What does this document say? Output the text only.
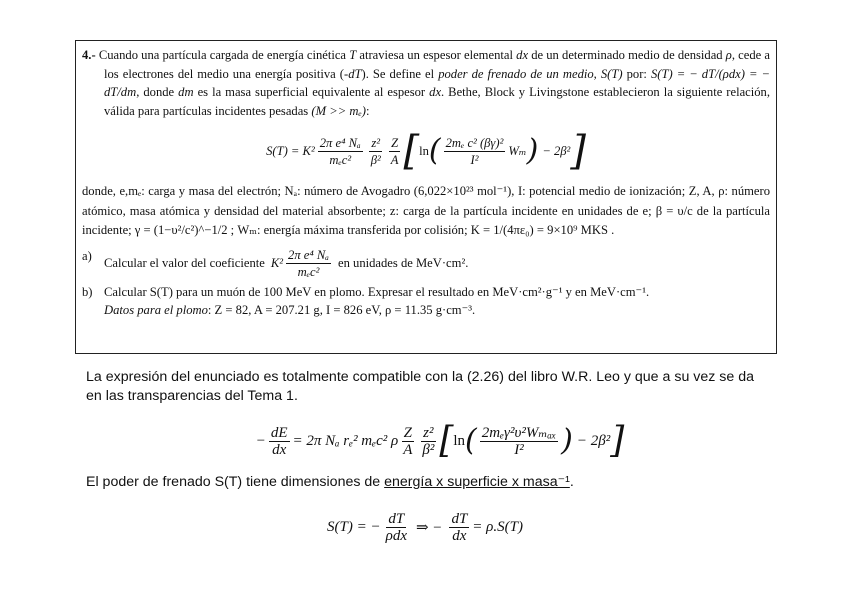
4.- Cuando una partícula cargada de energía cinética T atraviesa un espesor elemental dx de un determinado medio de densidad ρ, cede a los electrones del medio una energía positiva (-dT). Se define el poder de frenado de un medio, S(T) por: S(T) = − dT/(ρdx) = − dT/dm, donde dm es la masa superficial equivalente al espesor dx. Bethe, Block y Livingstone establecieron la siguiente relación, válida para partículas incidentes pesadas (M >> mₑ):

$S(T) = K^2 \frac{\text{2π e⁴ Nₐ}}{\text{mₑc²}} \frac{\text{z²}}{\text{β²}} \frac{Z}{A}$ [ ln ( $\frac{\text{2mₑ c² (βγ)²}}{\text{I²}}$ Wₘ ) − 2β² ]

donde, e,mₑ: carga y masa del electrón; Nₐ: número de Avogadro (6,022×10²³ mol⁻¹), I: potencial medio de ionización; Z, A, ρ: número atómico, masa atómica y densidad del material absorbente; z: carga de la partícula incidente en unidades de e; β = υ/c de la partícula incidente; γ = (1−υ²/c²)^−1/2 ; Wₘ: energía máxima transferida por colisión; K = 1/(4πε₀) = 9×10⁹ MKS .

a)
Calcular el valor del coeficiente $K^2 \frac{\text{2π e⁴ Nₐ}}{\text{mₑc²}}$ en unidades de MeV·cm².
b) Calcular S(T) para un muón de 100 MeV en plomo. Expresar el resultado en MeV·cm²·g⁻¹ y en MeV·cm⁻¹.
Datos para el plomo: Z = 82, A = 207.21 g, I = 826 eV, ρ = 11.35 g·cm⁻³.

La expresión del enunciado es totalmente compatible con la (2.26) del libro W.R. Leo y que a su vez se da en las transparencias del Tema 1.

− $\frac{dE}{dx} = 2\pi$ Nₐ rₑ² mₑc² ρ $\frac{Z}{A} \frac{\text{z²}}{\text{β²}}$ [ ln ( $\frac{\text{2mₑγ²υ²Wₘₐₓ}}{\text{I²}}$ ) − 2β² ]

El poder de frenado S(T) tiene dimensiones de energía x superficie x masa⁻¹.

S(T) = − $\frac{dT}{\text{ρdx}}$ ⇒ − $\frac{dT}{dx} = \rho.S(T)$
